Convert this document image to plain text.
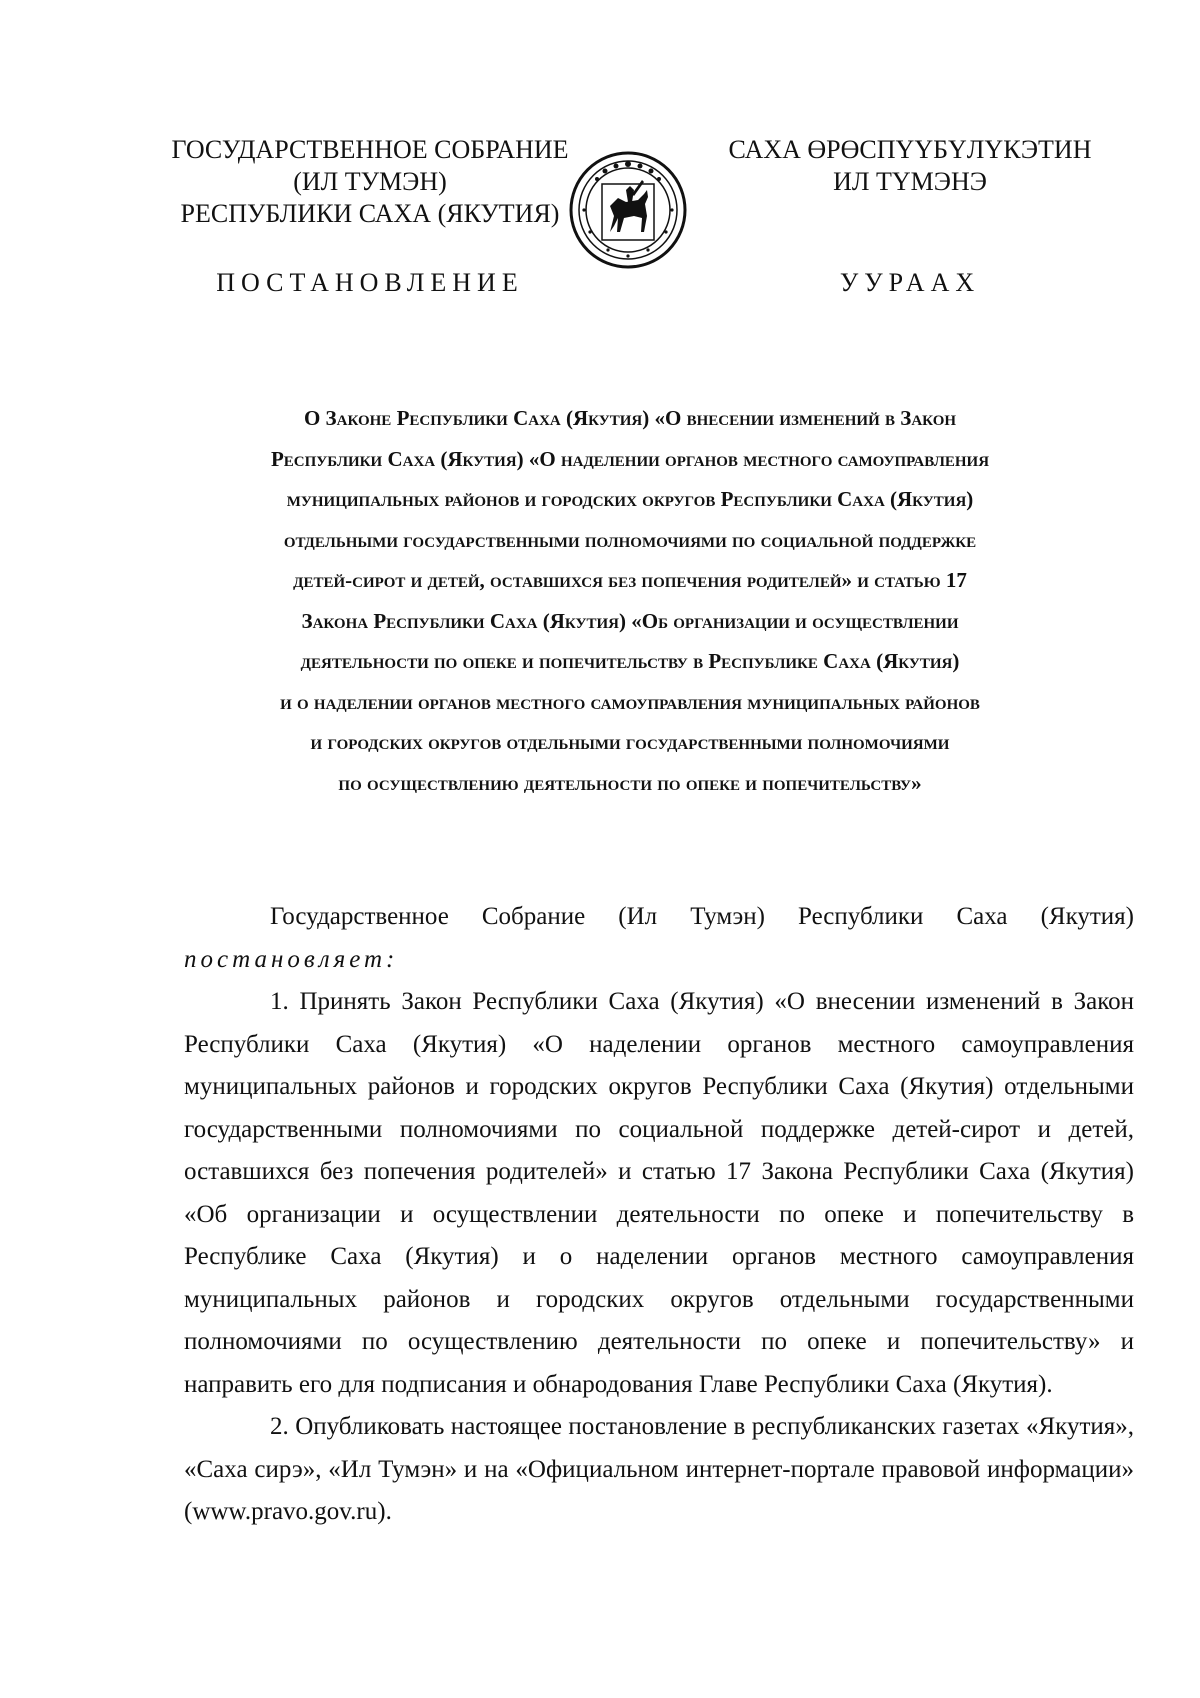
ГОСУДАРСТВЕННОЕ СОБРАНИЕ
(ИЛ ТУМЭН)
РЕСПУБЛИКИ САХА (ЯКУТИЯ)
САХА ӨРӨСПҮҮБҮЛҮКЭТИН
ИЛ ТҮМЭНЭ
ПОСТАНОВЛЕНИЕ	УУРААХ
О Законе Республики Саха (Якутия) «О внесении изменений в Закон
Республики Саха (Якутия) «О наделении органов местного самоуправления
муниципальных районов и городских округов Республики Саха (Якутия)
отдельными государственными полномочиями по социальной поддержке
детей-сирот и детей, оставшихся без попечения родителей» и статью 17
Закона Республики Саха (Якутия) «Об организации и осуществлении
деятельности по опеке и попечительству в Республике Саха (Якутия)
и о наделении органов местного самоуправления муниципальных районов
и городских округов отдельными государственными полномочиями
по осуществлению деятельности по опеке и попечительству»

Государственное Собрание (Ил Тумэн) Республики Саха (Якутия) постановляет:

1. Принять Закон Республики Саха (Якутия) «О внесении изменений в Закон Республики Саха (Якутия) «О наделении органов местного самоуправления муниципальных районов и городских округов Республики Саха (Якутия) отдельными государственными полномочиями по социальной поддержке детей-сирот и детей, оставшихся без попечения родителей» и статью 17 Закона Республики Саха (Якутия) «Об организации и осуществлении деятельности по опеке и попечительству в Республике Саха (Якутия) и о наделении органов местного самоуправления муниципальных районов и городских округов отдельными государственными полномочиями по осуществлению деятельности по опеке и попечительству» и направить его для подписания и обнародования Главе Республики Саха (Якутия).

2. Опубликовать настоящее постановление в республиканских газетах «Якутия», «Саха сирэ», «Ил Тумэн» и на «Официальном интернет-портале правовой информации» (www.pravo.gov.ru).
